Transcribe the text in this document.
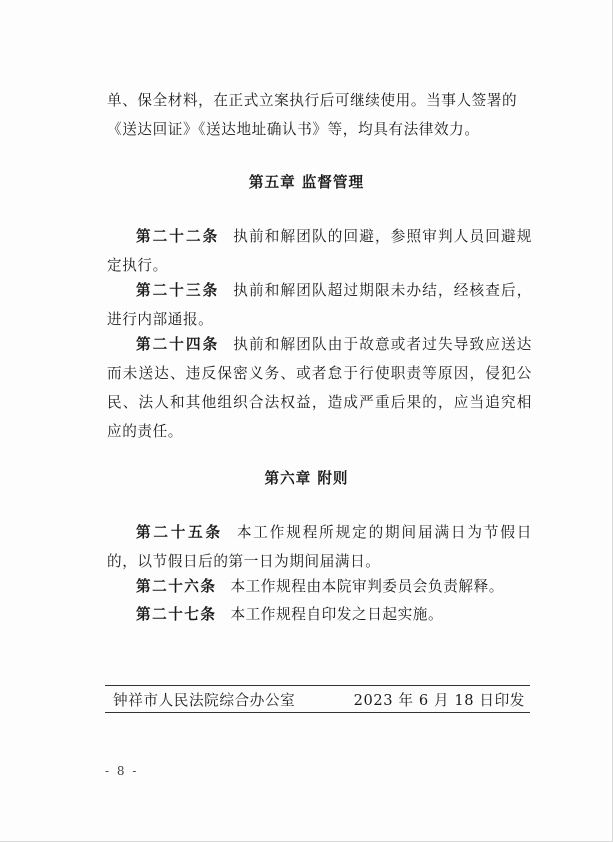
单、保全材料，在正式立案执行后可继续使用。当事人签署的
《送达回证》《送达地址确认书》等，均具有法律效力。

第五章 监督管理

第二十二条 执前和解团队的回避，参照审判人员回避规定执行。

第二十三条 执前和解团队超过期限未办结，经核查后，进行内部通报。

第二十四条 执前和解团队由于故意或者过失导致应送达而未送达、违反保密义务、或者怠于行使职责等原因，侵犯公民、法人和其他组织合法权益，造成严重后果的，应当追究相应的责任。

第六章 附则

第二十五条 本工作规程所规定的期间届满日为节假日的，以节假日后的第一日为期间届满日。

第二十六条 本工作规程由本院审判委员会负责解释。

第二十七条 本工作规程自印发之日起实施。

钟祥市人民法院综合办公室	2023 年 6 月 18 日印发
- 8 -
